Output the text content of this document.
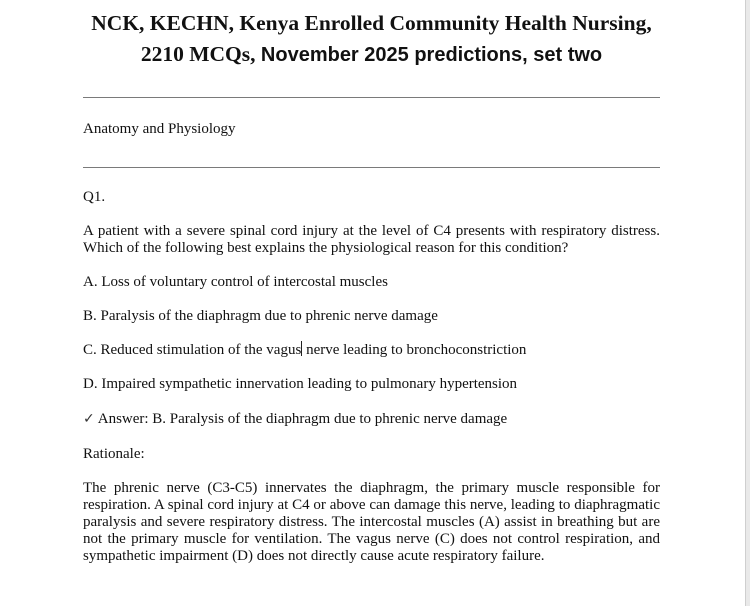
NCK, KECHN, Kenya Enrolled Community Health Nursing, 2210 MCQs, November 2025 predictions, set two
Anatomy and Physiology
Q1.
A patient with a severe spinal cord injury at the level of C4 presents with respiratory distress. Which of the following best explains the physiological reason for this condition?
A. Loss of voluntary control of intercostal muscles
B. Paralysis of the diaphragm due to phrenic nerve damage
C. Reduced stimulation of the vagus nerve leading to bronchoconstriction
D. Impaired sympathetic innervation leading to pulmonary hypertension
✓ Answer: B. Paralysis of the diaphragm due to phrenic nerve damage
Rationale:
The phrenic nerve (C3-C5) innervates the diaphragm, the primary muscle responsible for respiration. A spinal cord injury at C4 or above can damage this nerve, leading to diaphragmatic paralysis and severe respiratory distress. The intercostal muscles (A) assist in breathing but are not the primary muscle for ventilation. The vagus nerve (C) does not control respiration, and sympathetic impairment (D) does not directly cause acute respiratory failure.
